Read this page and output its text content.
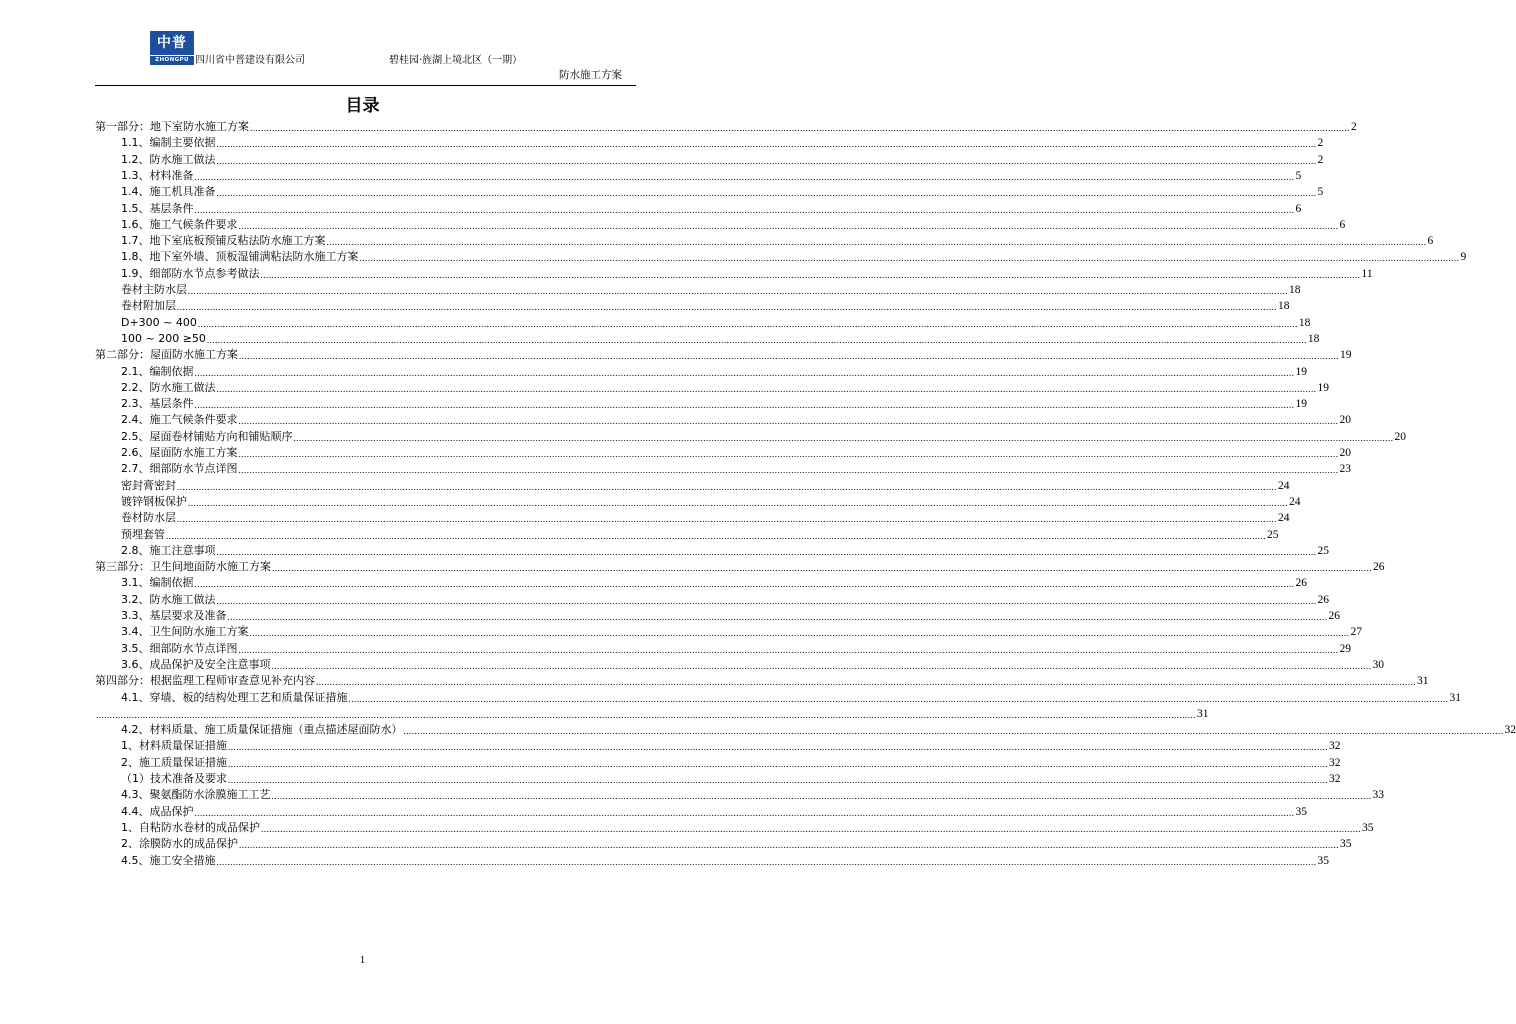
中普
ZHONGPU 四川省中普建设有限公司	碧桂园·旌湖上境北区（一期）
防水施工方案
目录
第一部分：地下室防水施工方案 ................................................................................................................................................................................................................................................................................................................................................................................................................ 2
1.1、编制主要依据 ................................................................................................................................................................................................................................................................................................................................................................................................................ 2
1.2、防水施工做法 ................................................................................................................................................................................................................................................................................................................................................................................................................ 2
1.3、材料准备 ................................................................................................................................................................................................................................................................................................................................................................................................................ 5
1.4、施工机具准备 ................................................................................................................................................................................................................................................................................................................................................................................................................ 5
1.5、基层条件 ................................................................................................................................................................................................................................................................................................................................................................................................................ 6
1.6、施工气候条件要求 ................................................................................................................................................................................................................................................................................................................................................................................................................ 6
1.7、地下室底板预铺反粘法防水施工方案 ................................................................................................................................................................................................................................................................................................................................................................................................................ 6
1.8、地下室外墙、顶板湿铺满粘法防水施工方案 ................................................................................................................................................................................................................................................................................................................................................................................................................ 9
1.9、细部防水节点参考做法 ................................................................................................................................................................................................................................................................................................................................................................................................................ 11
卷材主防水层 ................................................................................................................................................................................................................................................................................................................................................................................................................ 18
卷材附加层 ................................................................................................................................................................................................................................................................................................................................................................................................................ 18
D+300 ~ 400 ................................................................................................................................................................................................................................................................................................................................................................................................................ 18
100 ~ 200 ≥50 ................................................................................................................................................................................................................................................................................................................................................................................................................ 18
第二部分：屋面防水施工方案 ................................................................................................................................................................................................................................................................................................................................................................................................................ 19
2.1、编制依据 ................................................................................................................................................................................................................................................................................................................................................................................................................ 19
2.2、防水施工做法 ................................................................................................................................................................................................................................................................................................................................................................................................................ 19
2.3、基层条件 ................................................................................................................................................................................................................................................................................................................................................................................................................ 19
2.4、施工气候条件要求 ................................................................................................................................................................................................................................................................................................................................................................................................................ 20
2.5、屋面卷材铺贴方向和铺贴顺序 ................................................................................................................................................................................................................................................................................................................................................................................................................ 20
2.6、屋面防水施工方案 ................................................................................................................................................................................................................................................................................................................................................................................................................ 20
2.7、细部防水节点详图 ................................................................................................................................................................................................................................................................................................................................................................................................................ 23
密封膏密封 ................................................................................................................................................................................................................................................................................................................................................................................................................ 24
镀锌钢板保护 ................................................................................................................................................................................................................................................................................................................................................................................................................ 24
卷材防水层 ................................................................................................................................................................................................................................................................................................................................................................................................................ 24
预埋套管 ................................................................................................................................................................................................................................................................................................................................................................................................................ 25
2.8、施工注意事项 ................................................................................................................................................................................................................................................................................................................................................................................................................ 25
第三部分：卫生间地面防水施工方案 ................................................................................................................................................................................................................................................................................................................................................................................................................ 26
3.1、编制依据 ................................................................................................................................................................................................................................................................................................................................................................................................................ 26
3.2、防水施工做法 ................................................................................................................................................................................................................................................................................................................................................................................................................ 26
3.3、基层要求及准备 ................................................................................................................................................................................................................................................................................................................................................................................................................ 26
3.4、卫生间防水施工方案 ................................................................................................................................................................................................................................................................................................................................................................................................................ 27
3.5、细部防水节点详图 ................................................................................................................................................................................................................................................................................................................................................................................................................ 29
3.6、成品保护及安全注意事项 ................................................................................................................................................................................................................................................................................................................................................................................................................ 30
第四部分：根据监理工程师审查意见补充内容 ................................................................................................................................................................................................................................................................................................................................................................................................................ 31
4.1、穿墙、板的结构处理工艺和质量保证措施 ................................................................................................................................................................................................................................................................................................................................................................................................................ 31
................................................................................................................................................................................................................................................................................................................................................................................................................ 31
4.2、材料质量、施工质量保证措施（重点描述屋面防水） ................................................................................................................................................................................................................................................................................................................................................................................................................ 32
1、材料质量保证措施 ................................................................................................................................................................................................................................................................................................................................................................................................................ 32
2、施工质量保证措施 ................................................................................................................................................................................................................................................................................................................................................................................................................ 32
（1）技术准备及要求 ................................................................................................................................................................................................................................................................................................................................................................................................................ 32
4.3、聚氨酯防水涂膜施工工艺 ................................................................................................................................................................................................................................................................................................................................................................................................................ 33
4.4、成品保护 ................................................................................................................................................................................................................................................................................................................................................................................................................ 35
1、自粘防水卷材的成品保护 ................................................................................................................................................................................................................................................................................................................................................................................................................ 35
2、涂膜防水的成品保护 ................................................................................................................................................................................................................................................................................................................................................................................................................ 35
4.5、施工安全措施 ................................................................................................................................................................................................................................................................................................................................................................................................................ 35
1
